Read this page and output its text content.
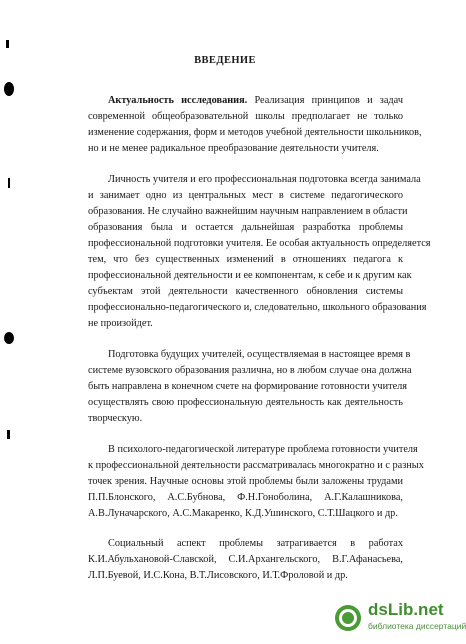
ВВЕДЕНИЕ
Актуальность исследования. Реализация принципов и задач
современной общеобразовательной школы предполагает не только
изменение содержания, форм и методов учебной деятельности школьников,
но и не менее радикальное преобразование деятельности учителя.
Личность учителя и его профессиональная подготовка всегда занимала
и занимает одно из центральных мест в системе педагогического
образования. Не случайно важнейшим научным направлением в области
образования была и остается дальнейшая разработка проблемы
профессиональной подготовки учителя. Ее особая актуальность определяется
тем, что без существенных изменений в отношениях педагога к
профессиональной деятельности и ее компонентам, к себе и к другим как
субъектам этой деятельности качественного обновления системы
профессионально-педагогического и, следовательно, школьного образования
не произойдет.
Подготовка будущих учителей, осуществляемая в настоящее время в
системе вузовского образования различна, но в любом случае она должна
быть направлена в конечном счете на формирование готовности учителя
осуществлять свою профессиональную деятельность как деятельность
творческую.
В психолого-педагогической литературе проблема готовности учителя
к профессиональной деятельности рассматривалась многократно и с разных
точек зрения. Научные основы этой проблемы были заложены трудами
П.П.Блонского, А.С.Бубнова, Ф.Н.Гоноболина, А.Г.Калашникова,
А.В.Луначарского, А.С.Макаренко, К.Д.Ушинского, С.Т.Шацкого и др.
Социальный аспект проблемы затрагивается в работах
К.И.Абульхановой-Славской, С.И.Архангельского, В.Г.Афанасьева,
Л.П.Буевой, И.С.Кона, В.Т.Лисовского, И.Т.Фроловой и др.
dsLib.net
библиотека диссертаций
